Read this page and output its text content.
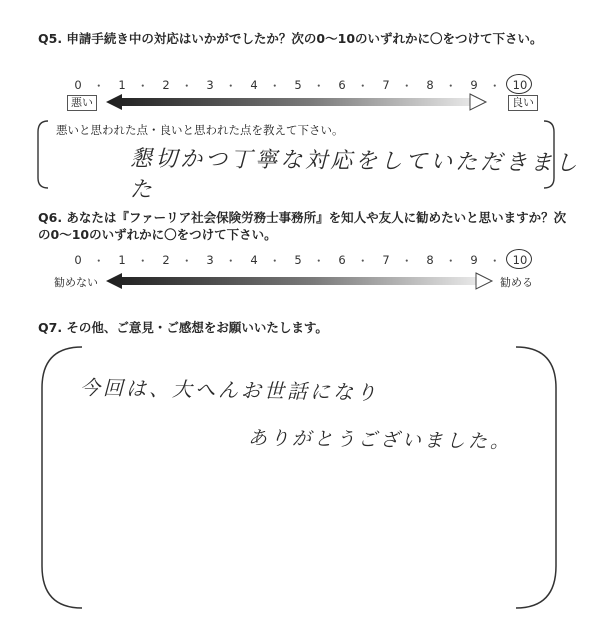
Q5. 申請手続き中の対応はいかがでしたか？次の0～10のいずれかに〇をつけて下さい。
0 ・	1 ・	2 ・	3 ・	4 ・	5 ・	6 ・	7 ・	8 ・	9 ・ 10
悪い	良い
悪いと思われた点・良いと思われた点を教えて下さい。
懇切かつ丁寧な対応をしていただきました
Q6. あなたは『ファーリア社会保険労務士事務所』を知人や友人に勧めたいと思いますか？次の0～10のいずれかに〇をつけて下さい。
0 ・	1 ・	2 ・	3 ・	4 ・	5 ・	6 ・	7 ・	8 ・	9 ・ 10
勧めない	勧める
Q7. その他、ご意見・ご感想をお願いいたします。
今回は、大へんお世話になり
ありがとうございました。
